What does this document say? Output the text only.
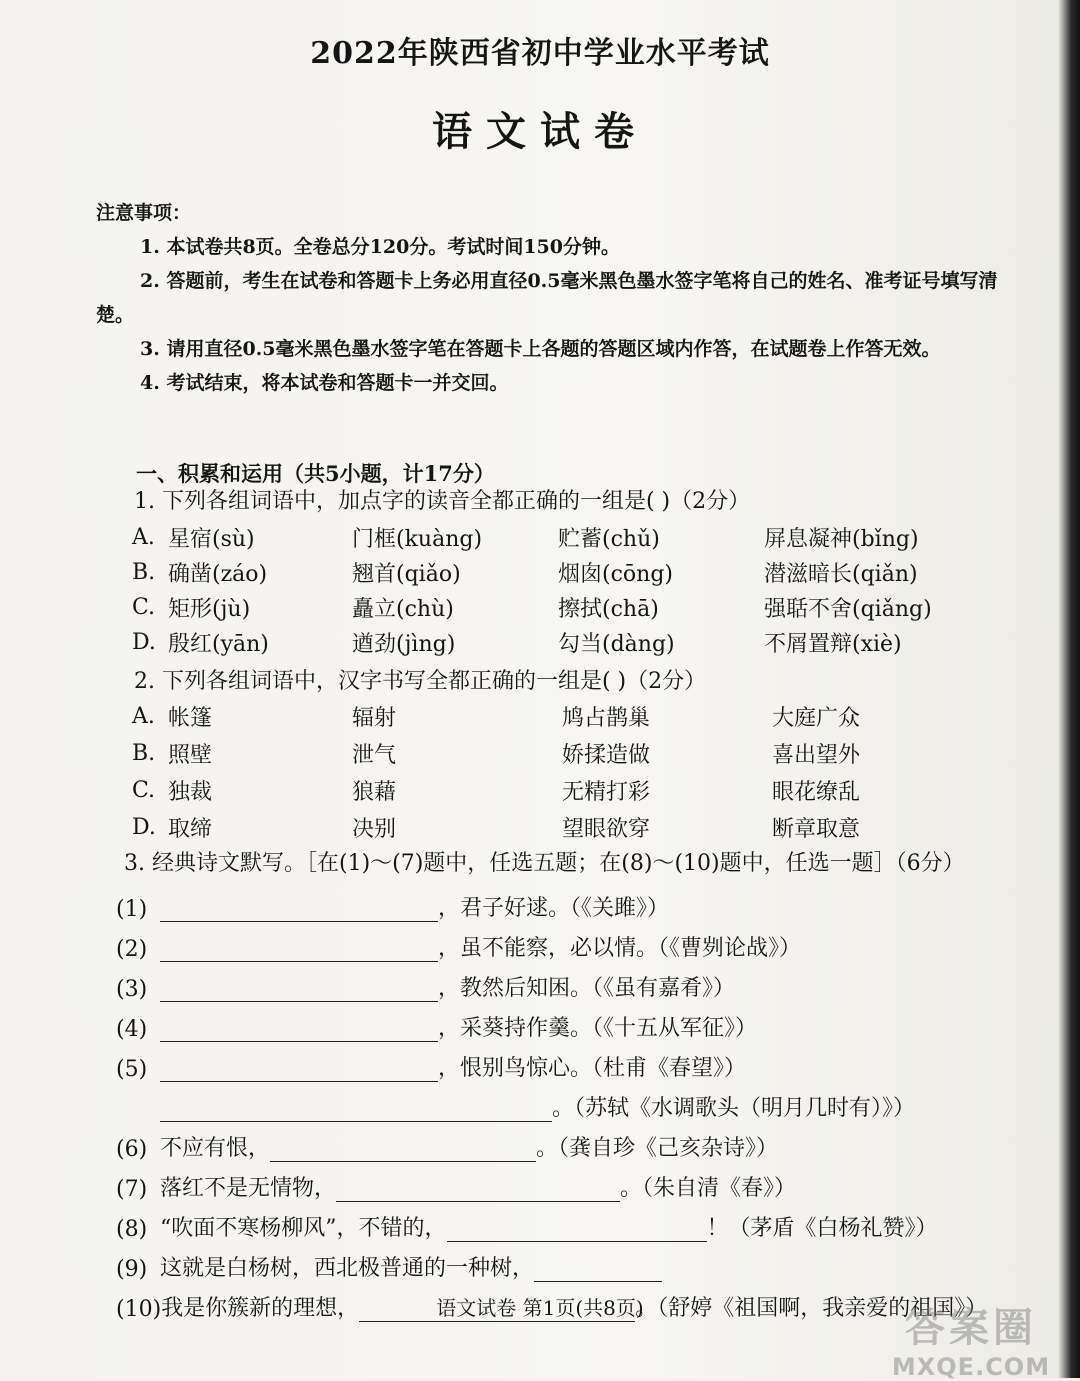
2022年陕西省初中学业水平考试
语文试卷
注意事项：
1. 本试卷共8页。全卷总分120分。考试时间150分钟。
2. 答题前，考生在试卷和答题卡上务必用直径0.5毫米黑色墨水签字笔将自己的姓名、准考证号填写清楚。
3. 请用直径0.5毫米黑色墨水签字笔在答题卡上各题的答题区域内作答，在试题卷上作答无效。
4. 考试结束，将本试卷和答题卡一并交回。
一、积累和运用（共5小题，计17分）
1. 下列各组词语中，加点字的读音全都正确的一组是( )（2分）
A. 星宿(sù)	门框(kuàng)	贮蓄(chǔ)	屏息凝神(bǐng)
B. 确凿(záo)	翘首(qiǎo)	烟囱(cōng)	潜滋暗长(qiǎn)
C. 矩形(jù)	矗立(chù)	擦拭(chā)	强聒不舍(qiǎng)
D. 殷红(yān)	遒劲(jìng)	勾当(dàng)	不屑置辩(xiè)
2. 下列各组词语中，汉字书写全都正确的一组是( )（2分）
A. 帐篷	辐射	鸠占鹊巢	大庭广众
B. 照壁	泄气	娇揉造做	喜出望外
C. 独裁	狼藉	无精打彩	眼花缭乱
D. 取缔	决别	望眼欲穿	断章取意
3. 经典诗文默写。［在(1)～(7)题中，任选五题；在(8)～(10)题中，任选一题］（6分）
(1)	，君子好逑。（《关雎》）
(2)	，虽不能察，必以情。（《曹刿论战》）
(3)	，教然后知困。（《虽有嘉肴》）
(4)	，采葵持作羹。（《十五从军征》）
(5)	，恨别鸟惊心。（杜甫《春望》）
。（苏轼《水调歌头（明月几时有）》）
(6) 不应有恨，	。（龚自珍《己亥杂诗》）
(7) 落红不是无情物，	。（朱自清《春》）
(8) “吹面不寒杨柳风”，不错的，	！（茅盾《白杨礼赞》）
(9) 这就是白杨树，西北极普通的一种树，
(10) 我是你簇新的理想，	。（舒婷《祖国啊，我亲爱的祖国》）
语文试卷 第1页(共8页)	答案圈
MXQE.COM
